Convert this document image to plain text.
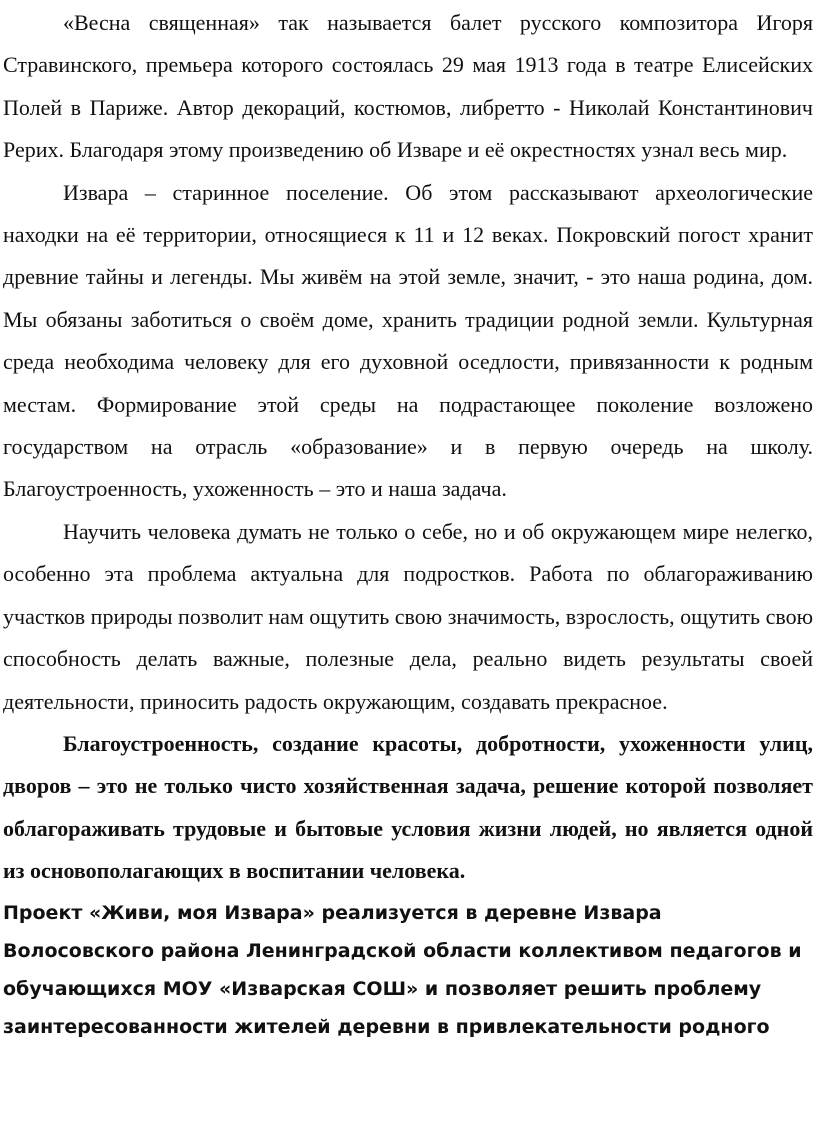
«Весна священная» так называется балет русского композитора Игоря Стравинского, премьера которого состоялась 29 мая 1913 года в театре Елисейских Полей в Париже. Автор декораций, костюмов, либретто - Николай Константинович Рерих. Благодаря этому произведению об Изваре и её окрестностях узнал весь мир.

Извара – старинное поселение. Об этом рассказывают археологические находки на её территории, относящиеся к 11 и 12 веках. Покровский погост хранит древние тайны и легенды. Мы живём на этой земле, значит, - это наша родина, дом. Мы обязаны заботиться о своём доме, хранить традиции родной земли. Культурная среда необходима человеку для его духовной оседлости, привязанности к родным местам. Формирование этой среды на подрастающее поколение возложено государством на отрасль «образование» и в первую очередь на школу. Благоустроенность, ухоженность – это и наша задача.

Научить человека думать не только о себе, но и об окружающем мире нелегко, особенно эта проблема актуальна для подростков. Работа по облагораживанию участков природы позволит нам ощутить свою значимость, взрослость, ощутить свою способность делать важные, полезные дела, реально видеть результаты своей деятельности, приносить радость окружающим, создавать прекрасное.

Благоустроенность, создание красоты, добротности, ухоженности улиц, дворов – это не только чисто хозяйственная задача, решение которой позволяет облагораживать трудовые и бытовые условия жизни людей, но является одной из основополагающих в воспитании человека.

Проект «Живи, моя Извара» реализуется в деревне Извара Волосовского района Ленинградской области коллективом педагогов и обучающихся МОУ «Изварская СОШ» и позволяет решить проблему заинтересованности жителей деревни в привлекательности родного
